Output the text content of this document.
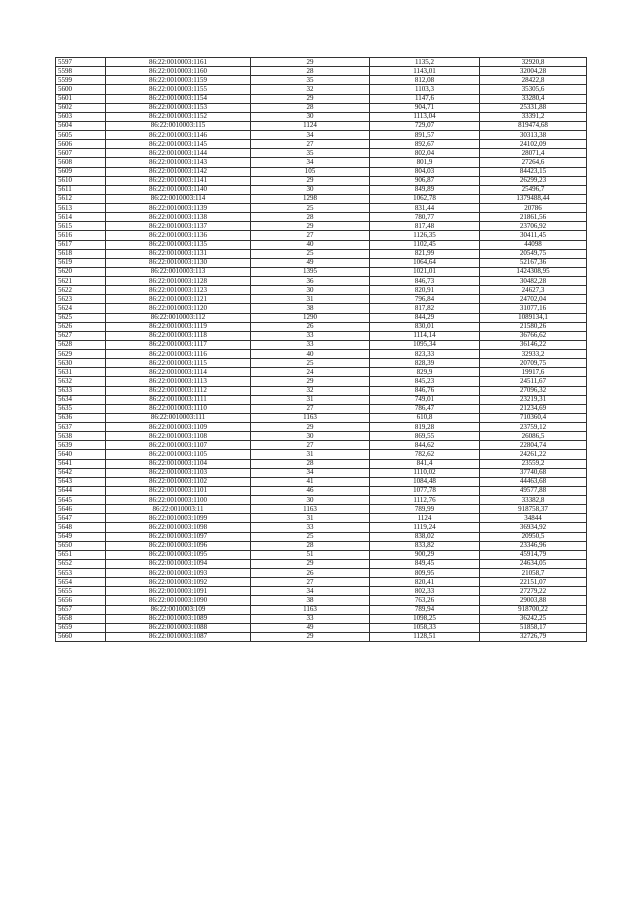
5597	86:22:0010003:1161	29	1135,2	32920,8
5598	86:22:0010003:1160	28	1143,01	32004,28
5599	86:22:0010003:1159	35	812,08	28422,8
5600	86:22:0010003:1155	32	1103,3	35305,6
5601	86:22:0010003:1154	29	1147,6	33280,4
5602	86:22:0010003:1153	28	904,71	25331,88
5603	86:22:0010003:1152	30	1113,04	33391,2
5604	86:22:0010003:115	1124	729,07	819474,68
5605	86:22:0010003:1146	34	891,57	30313,38
5606	86:22:0010003:1145	27	892,67	24102,09
5607	86:22:0010003:1144	35	802,04	28071,4
5608	86:22:0010003:1143	34	801,9	27264,6
5609	86:22:0010003:1142	105	804,03	84423,15
5610	86:22:0010003:1141	29	906,87	26299,23
5611	86:22:0010003:1140	30	849,89	25496,7
5612	86:22:0010003:114	1298	1062,78	1379488,44
5613	86:22:0010003:1139	25	831,44	20786
5614	86:22:0010003:1138	28	780,77	21861,56
5615	86:22:0010003:1137	29	817,48	23706,92
5616	86:22:0010003:1136	27	1126,35	30411,45
5617	86:22:0010003:1135	40	1102,45	44098
5618	86:22:0010003:1131	25	821,99	20549,75
5619	86:22:0010003:1130	49	1064,64	52167,36
5620	86:22:0010003:113	1395	1021,01	1424308,95
5621	86:22:0010003:1128	36	846,73	30482,28
5622	86:22:0010003:1123	30	820,91	24627,3
5623	86:22:0010003:1121	31	796,84	24702,04
5624	86:22:0010003:1120	38	817,82	31077,16
5625	86:22:0010003:112	1290	844,29	1089134,1
5626	86:22:0010003:1119	26	830,01	21580,26
5627	86:22:0010003:1118	33	1114,14	36766,62
5628	86:22:0010003:1117	33	1095,34	36146,22
5629	86:22:0010003:1116	40	823,33	32933,2
5630	86:22:0010003:1115	25	828,39	20709,75
5631	86:22:0010003:1114	24	829,9	19917,6
5632	86:22:0010003:1113	29	845,23	24511,67
5633	86:22:0010003:1112	32	846,76	27096,32
5634	86:22:0010003:1111	31	749,01	23219,31
5635	86:22:0010003:1110	27	786,47	21234,69
5636	86:22:0010003:111	1163	610,8	710360,4
5637	86:22:0010003:1109	29	819,28	23759,12
5638	86:22:0010003:1108	30	869,55	26086,5
5639	86:22:0010003:1107	27	844,62	22804,74
5640	86:22:0010003:1105	31	782,62	24261,22
5641	86:22:0010003:1104	28	841,4	23559,2
5642	86:22:0010003:1103	34	1110,02	37740,68
5643	86:22:0010003:1102	41	1084,48	44463,68
5644	86:22:0010003:1101	46	1077,78	49577,88
5645	86:22:0010003:1100	30	1112,76	33382,8
5646	86:22:0010003:11	1163	789,99	918758,37
5647	86:22:0010003:1099	31	1124	34844
5648	86:22:0010003:1098	33	1119,24	36934,92
5649	86:22:0010003:1097	25	838,02	20950,5
5650	86:22:0010003:1096	28	833,82	23346,96
5651	86:22:0010003:1095	51	900,29	45914,79
5652	86:22:0010003:1094	29	849,45	24634,05
5653	86:22:0010003:1093	26	809,95	21058,7
5654	86:22:0010003:1092	27	820,41	22151,07
5655	86:22:0010003:1091	34	802,33	27279,22
5656	86:22:0010003:1090	38	763,26	29003,88
5657	86:22:0010003:109	1163	789,94	918700,22
5658	86:22:0010003:1089	33	1098,25	36242,25
5659	86:22:0010003:1088	49	1058,33	51858,17
5660	86:22:0010003:1087	29	1128,51	32726,79
